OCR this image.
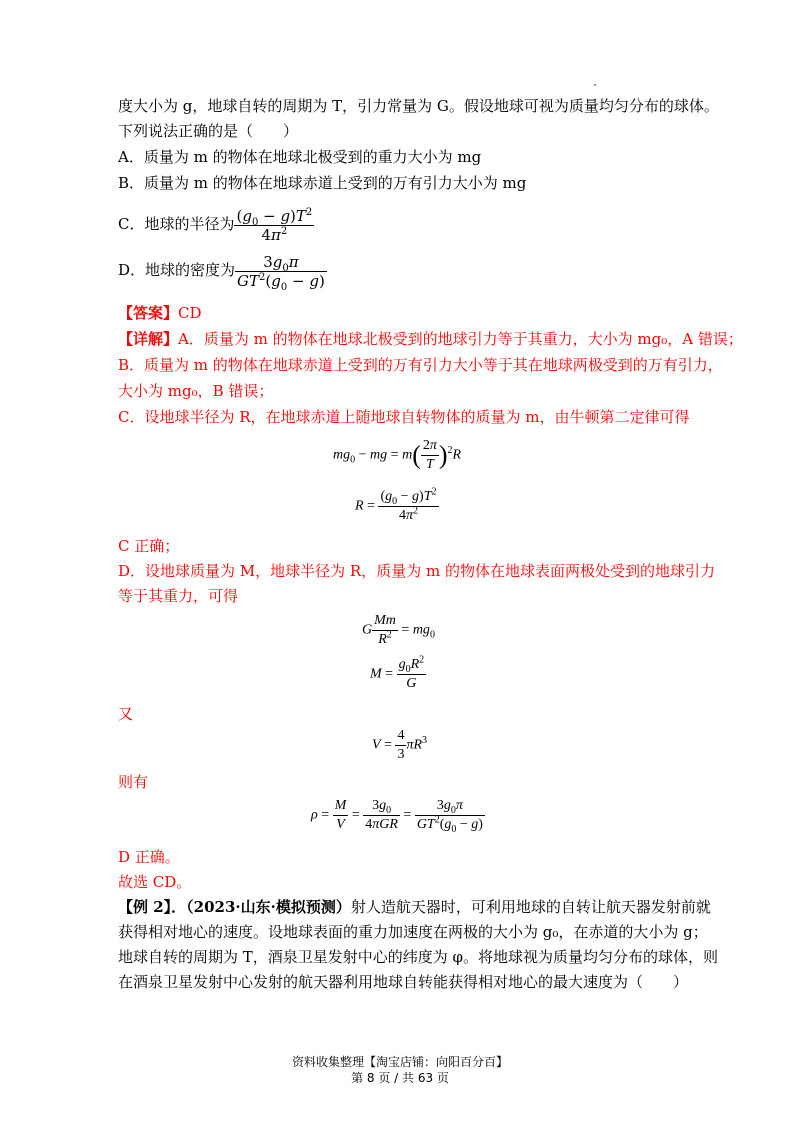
度大小为 g，地球自转的周期为 T，引力常量为 G。假设地球可视为质量均匀分布的球体。
下列说法正确的是（　　）
A．质量为 m 的物体在地球北极受到的重力大小为 mg
B．质量为 m 的物体在地球赤道上受到的万有引力大小为 mg
C．地球的半径为 $\frac{(g_0 - g)T^2}{4\pi^2}$
D．地球的密度为 $\frac{3g_0\pi}{GT^2(g_0 - g)}$
【答案】CD
【详解】A．质量为 m 的物体在地球北极受到的地球引力等于其重力，大小为 mg₀，A 错误；
B．质量为 m 的物体在地球赤道上受到的万有引力大小等于其在地球两极受到的万有引力，
大小为 mg₀，B 错误；
C．设地球半径为 R，在地球赤道上随地球自转物体的质量为 m，由牛顿第二定律可得
$mg_0$ − mg = $m( \frac{2\pi}{T} )^2R$
$R = \frac{(g_0 - g)T^2}{4\pi^2}$
C 正确；
D．设地球质量为 M，地球半径为 R，质量为 m 的物体在地球表面两极处受到的地球引力
等于其重力，可得
G $\frac{Mm}{R^2} = mg_0$
$M = \frac{g_0R^2}{G}$
又
$V = \frac{4}{3} \pi R^3$
则有
$\rho = \frac{M}{V} = \frac{3g_0}{\text{4πGR}} = \frac{3g_0\pi}{GT^2(g_0 - g)}$
D 正确。
故选 CD。
【例 2】．（2023·山东·模拟预测）射人造航天器时，可利用地球的自转让航天器发射前就
获得相对地心的速度。设地球表面的重力加速度在两极的大小为 g₀，在赤道的大小为 g；
地球自转的周期为 T，酒泉卫星发射中心的纬度为 φ。将地球视为质量均匀分布的球体，则
在酒泉卫星发射中心发射的航天器利用地球自转能获得相对地心的最大速度为（　　）
资料收集整理【淘宝店铺：向阳百分百】
第 8 页 / 共 63 页
